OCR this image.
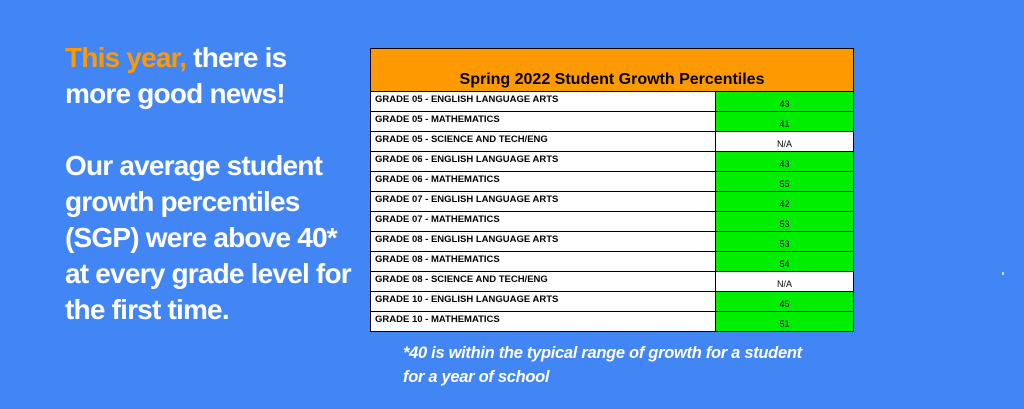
This year, there is more good news!

Our average student growth percentiles (SGP) were above 40* at every grade level for the first time.

Spring 2022 Student Growth Percentiles
GRADE 05 - ENGLISH LANGUAGE ARTS	43
GRADE 05 - MATHEMATICS	41
GRADE 05 - SCIENCE AND TECH/ENG	N/A
GRADE 06 - ENGLISH LANGUAGE ARTS	43
GRADE 06 - MATHEMATICS	55
GRADE 07 - ENGLISH LANGUAGE ARTS	42
GRADE 07 - MATHEMATICS	53
GRADE 08 - ENGLISH LANGUAGE ARTS	53
GRADE 08 - MATHEMATICS	54
GRADE 08 - SCIENCE AND TECH/ENG	N/A
GRADE 10 - ENGLISH LANGUAGE ARTS	45
GRADE 10 - MATHEMATICS	51

*40 is within the typical range of growth for a student for a year of school
